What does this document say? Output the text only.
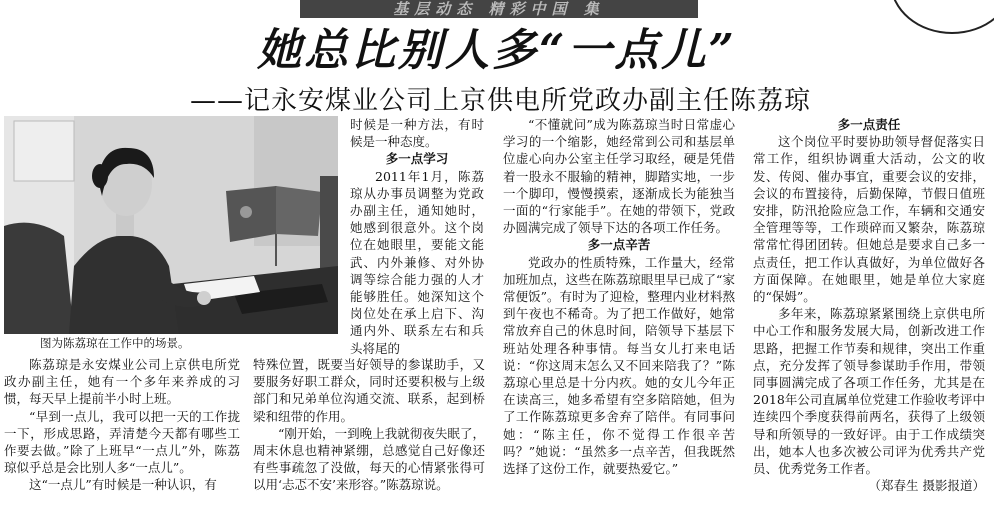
基层动态 精彩中国 集
她总比别人多“一点儿”
——记永安煤业公司上京供电所党政办副主任陈荔琼
图为陈荔琼在工作中的场景。

时候是一种方法，有时候是一种态度。

多一点学习

2011年1月，陈荔琼从办事员调整为党政办副主任，通知她时，她感到很意外。这个岗位在她眼里，要能文能武、内外兼修、对外协调等综合能力强的人才能够胜任。她深知这个岗位处在承上启下、沟通内外、联系左右和兵头将尾的

陈荔琼是永安煤业公司上京供电所党政办副主任，她有一个多年来养成的习惯，每天早上提前半小时上班。

“早到一点儿，我可以把一天的工作拢一下，形成思路，弄清楚今天都有哪些工作要去做。”除了上班早“一点儿”外，陈荔琼似乎总是会比别人多“一点儿”。

这“一点儿”有时候是一种认识，有

特殊位置，既要当好领导的参谋助手，又要服务好职工群众，同时还要积极与上级部门和兄弟单位沟通交流、联系，起到桥梁和纽带的作用。

“刚开始，一到晚上我就彻夜失眠了，周末休息也精神紧绷，总感觉自己好像还有些事疏忽了没做，每天的心情紧张得可以用‘忐忑不安’来形容。”陈荔琼说。

“不懂就问”成为陈荔琼当时日常虚心学习的一个缩影，她经常到公司和基层单位虚心向办公室主任学习取经，硬是凭借着一股永不服输的精神，脚踏实地，一步一个脚印，慢慢摸索，逐渐成长为能独当一面的“行家能手”。在她的带领下，党政办圆满完成了领导下达的各项工作任务。

多一点辛苦

党政办的性质特殊，工作量大，经常加班加点，这些在陈荔琼眼里早已成了“家常便饭”。有时为了迎检，整理内业材料熬到午夜也不稀奇。为了把工作做好，她常常放弃自己的休息时间，陪领导下基层下班站处理各种事情。每当女儿打来电话说：“你这周末怎么又不回来陪我了？”陈荔琼心里总是十分内疚。她的女儿今年正在读高三，她多希望有空多陪陪她，但为了工作陈荔琼更多舍弃了陪伴。有同事问她：“陈主任，你不觉得工作很辛苦吗？”她说：“虽然多一点辛苦，但我既然选择了这份工作，就要热爱它。”

多一点责任

这个岗位平时要协助领导督促落实日常工作，组织协调重大活动，公文的收发、传阅、催办事宜，重要会议的安排，会议的布置接待，后勤保障，节假日值班安排，防汛抢险应急工作，车辆和交通安全管理等等，工作琐碎而又繁杂，陈荔琼常常忙得团团转。但她总是要求自己多一点责任，把工作认真做好，为单位做好各方面保障。在她眼里，她是单位大家庭的“保姆”。

多年来，陈荔琼紧紧围绕上京供电所中心工作和服务发展大局，创新改进工作思路，把握工作节奏和规律，突出工作重点，充分发挥了领导参谋助手作用，带领同事圆满完成了各项工作任务，尤其是在2018年公司直属单位党建工作验收考评中连续四个季度获得前两名，获得了上级领导和所领导的一致好评。由于工作成绩突出，她本人也多次被公司评为优秀共产党员、优秀党务工作者。

（郑春生 摄影报道）
